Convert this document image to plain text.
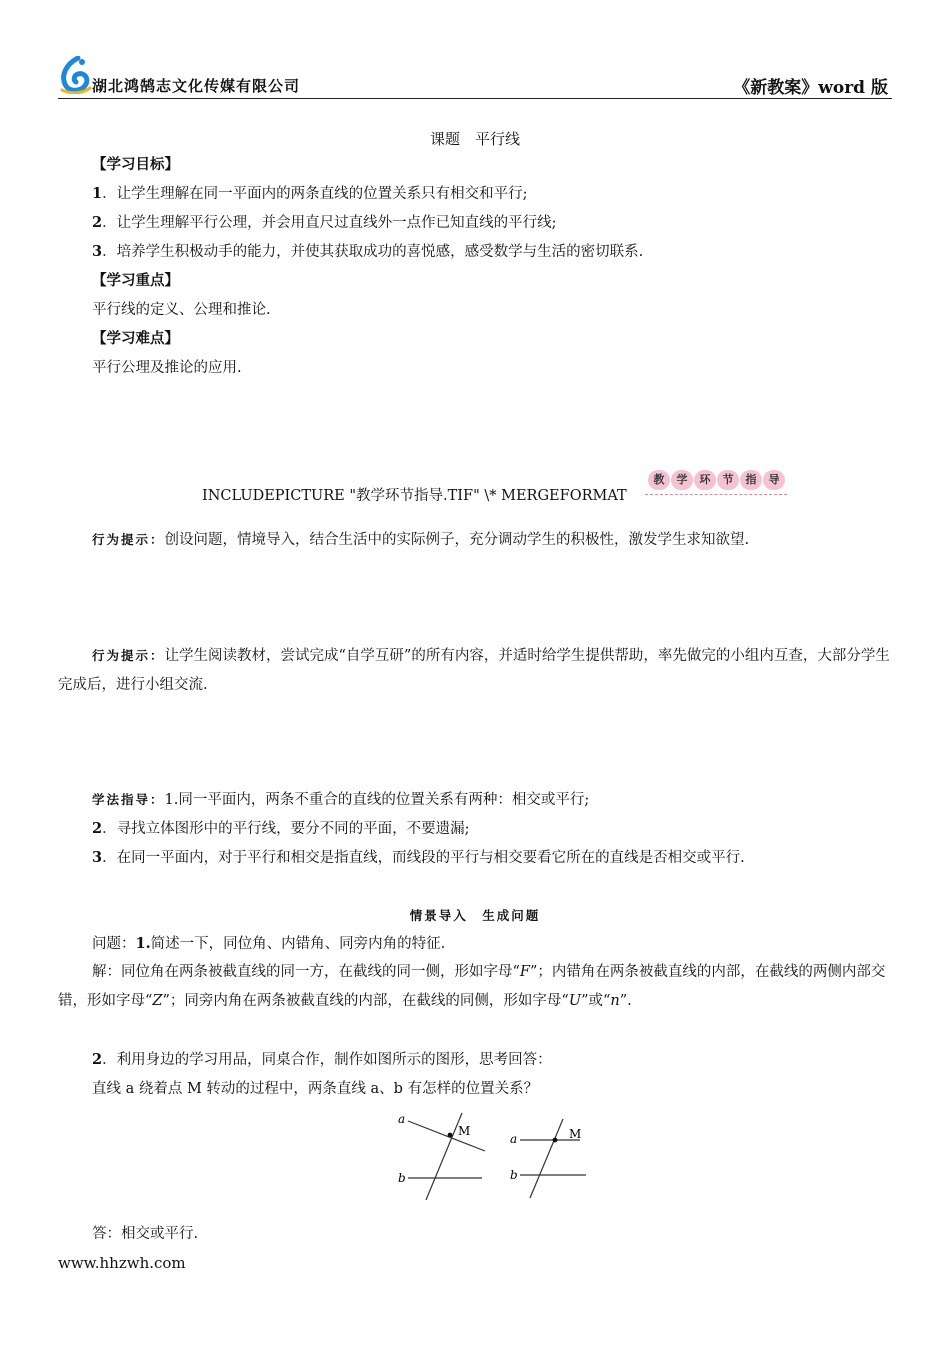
湖北鸿鹄志文化传媒有限公司	《新教案》word 版
课题　平行线
【学习目标】
1．让学生理解在同一平面内的两条直线的位置关系只有相交和平行;
2．让学生理解平行公理，并会用直尺过直线外一点作已知直线的平行线;
3．培养学生积极动手的能力，并使其获取成功的喜悦感，感受数学与生活的密切联系.
【学习重点】
平行线的定义、公理和推论.
【学习难点】
平行公理及推论的应用.
INCLUDEPICTURE "教学环节指导.TIF" \* MERGEFORMAT
教	学	环	节	指	导
行为提示：创设问题，情境导入，结合生活中的实际例子，充分调动学生的积极性，激发学生求知欲望.
行为提示：让学生阅读教材，尝试完成“自学互研”的所有内容，并适时给学生提供帮助，率先做完的小组内互查，大部分学生完成后，进行小组交流.
学法指导：1.同一平面内，两条不重合的直线的位置关系有两种：相交或平行;
2．寻找立体图形中的平行线，要分不同的平面，不要遗漏;
3．在同一平面内，对于平行和相交是指直线，而线段的平行与相交要看它所在的直线是否相交或平行.
情景导入　生成问题
问题：1.简述一下，同位角、内错角、同旁内角的特征.
解：同位角在两条被截直线的同一方，在截线的同一侧，形如字母“F”；内错角在两条被截直线的内部，在截线的两侧内部交错，形如字母“Z”；同旁内角在两条被截直线的内部，在截线的同侧，形如字母“U”或“n”.
2．利用身边的学习用品，同桌合作，制作如图所示的图形，思考回答：
直线 a 绕着点 M 转动的过程中，两条直线 a、b 有怎样的位置关系？
a
b
M
a
b
M
答：相交或平行.
www.hhzwh.com
